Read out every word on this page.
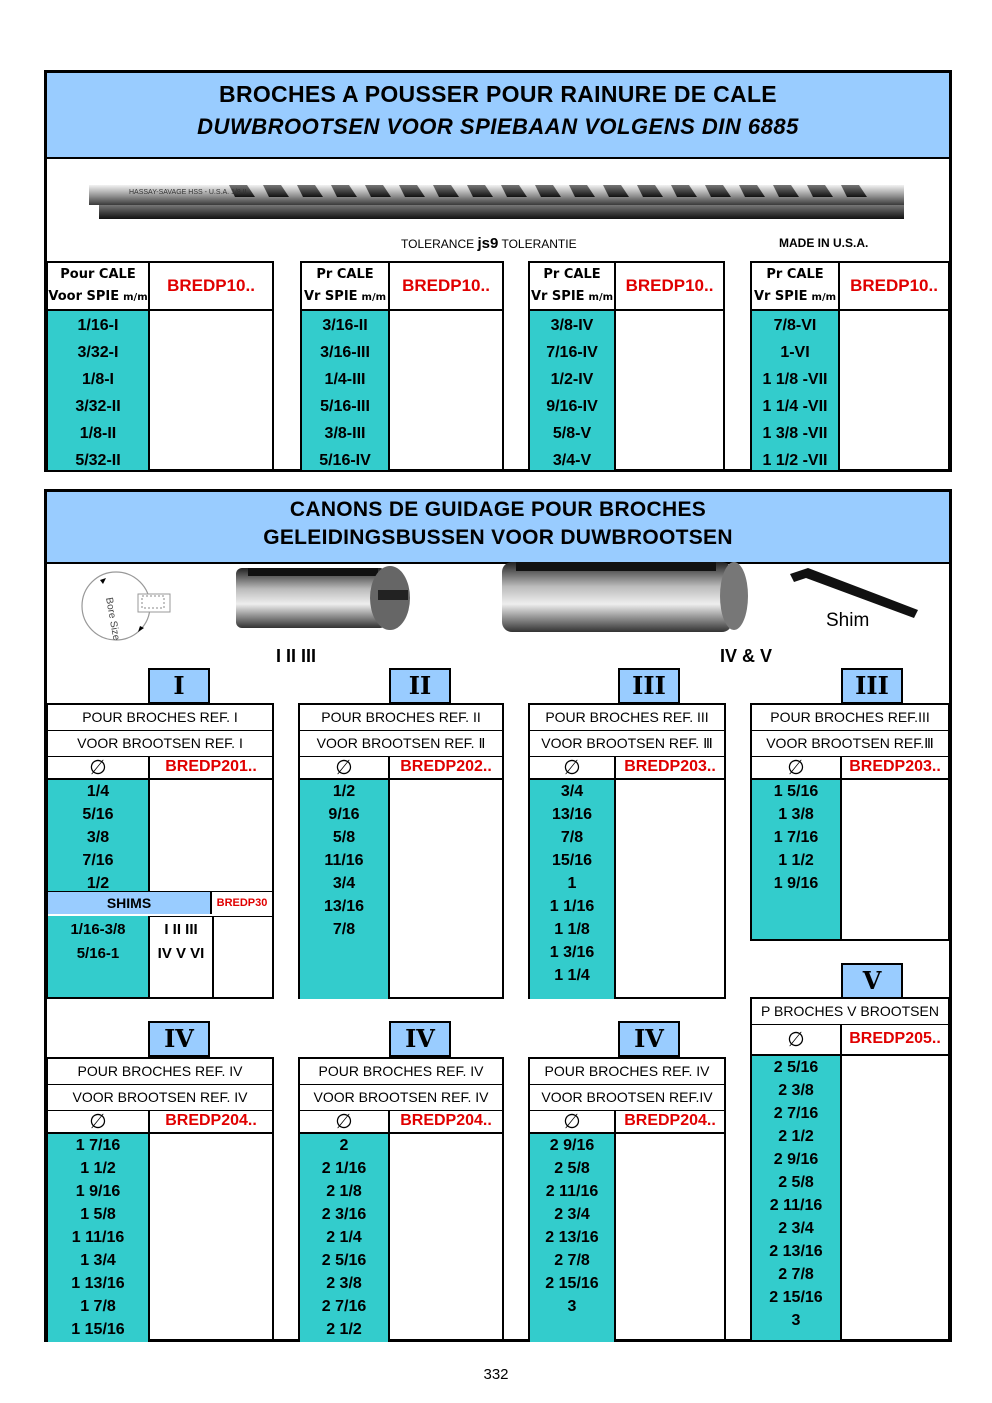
BROCHES A POUSSER POUR RAINURE DE CALE
DUWBROOTSEN VOOR SPIEBAAN VOLGENS DIN 6885
HASSAY-SAVAGE HSS - U.S.A. 1/8 II
TOLERANCE js9 TOLERANTIE	MADE IN U.S.A.
Pour CALE
Voor SPIE m/m
BREDP10..
1/16-I
3/32-I
1/8-I
3/32-II
1/8-II
5/32-II
Pr CALE
Vr SPIE m/m
BREDP10..
3/16-II
3/16-III
1/4-III
5/16-III
3/8-III
5/16-IV
Pr CALE
Vr SPIE m/m
BREDP10..
3/8-IV
7/16-IV
1/2-IV
9/16-IV
5/8-V
3/4-V
Pr CALE
Vr SPIE m/m
BREDP10..
7/8-VI
1-VI
1 1/8 -VII
1 1/4 -VII
1 3/8 -VII
1 1/2 -VII
CANONS DE GUIDAGE POUR BROCHES
GELEIDINGSBUSSEN VOOR DUWBROOTSEN
Bore Size	Shim
I II III	IV & V
I
POUR BROCHES REF. I
VOOR BROOTSEN REF. I
∅	BREDP201..
1/4
5/16
3/8
7/16
1/2
SHIMS	BREDP30
1/16-3/8	I II III
5/16-1	IV V VI
II
POUR BROCHES REF. II
VOOR BROOTSEN REF. Ⅱ
∅	BREDP202..
1/2
9/16
5/8
11/16
3/4
13/16
7/8
III
POUR BROCHES REF. III
VOOR BROOTSEN REF. Ⅲ
∅	BREDP203..
3/4
13/16
7/8
15/16
1
1 1/16
1 1/8
1 3/16
1 1/4
III
POUR BROCHES REF.III
VOOR BROOTSEN REF.Ⅲ
∅	BREDP203..
1 5/16
1 3/8
1 7/16
1 1/2
1 9/16
IV
POUR BROCHES REF. IV
VOOR BROOTSEN REF. IV
∅	BREDP204..
1 7/16
1 1/2
1 9/16
1 5/8
1 11/16
1 3/4
1 13/16
1 7/8
1 15/16
IV
POUR BROCHES REF. IV
VOOR BROOTSEN REF. IV
∅	BREDP204..
2
2 1/16
2 1/8
2 3/16
2 1/4
2 5/16
2 3/8
2 7/16
2 1/2
IV
POUR BROCHES REF. IV
VOOR BROOTSEN REF.IV
∅	BREDP204..
2 9/16
2 5/8
2 11/16
2 3/4
2 13/16
2 7/8
2 15/16
3
V
P BROCHES V BROOTSEN
∅	BREDP205..
2 5/16
2 3/8
2 7/16
2 1/2
2 9/16
2 5/8
2 11/16
2 3/4
2 13/16
2 7/8
2 15/16
3
332
